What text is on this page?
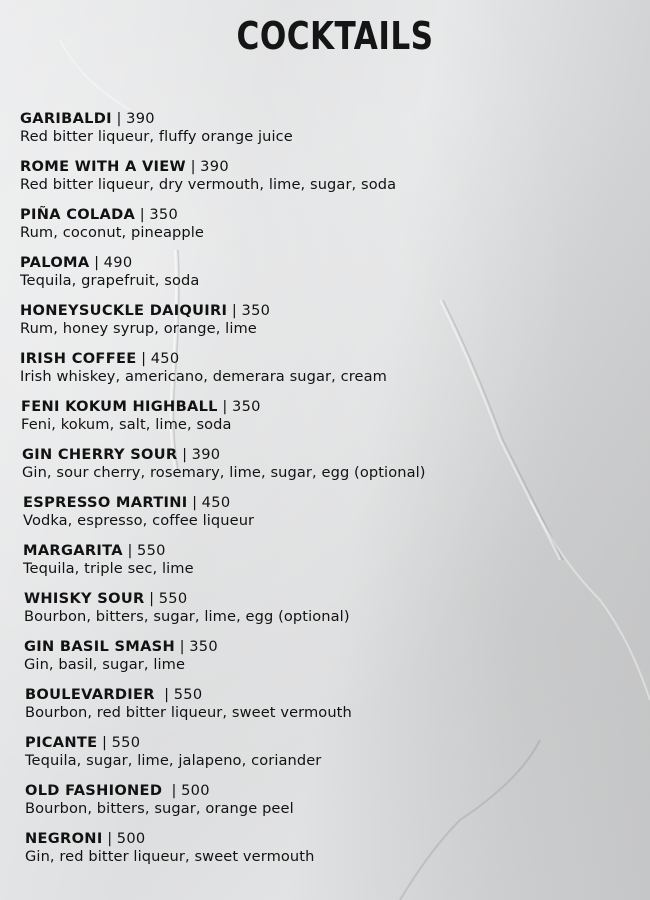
COCKTAILS
GARIBALDI | 390
Red bitter liqueur, fluffy orange juice
ROME WITH A VIEW | 390
Red bitter liqueur, dry vermouth, lime, sugar, soda
PIÑA COLADA | 350
Rum, coconut, pineapple
PALOMA | 490
Tequila, grapefruit, soda
HONEYSUCKLE DAIQUIRI | 350
Rum, honey syrup, orange, lime
IRISH COFFEE | 450
Irish whiskey, americano, demerara sugar, cream
FENI KOKUM HIGHBALL | 350
Feni, kokum, salt, lime, soda
GIN CHERRY SOUR | 390
Gin, sour cherry, rosemary, lime, sugar, egg (optional)
ESPRESSO MARTINI | 450
Vodka, espresso, coffee liqueur
MARGARITA | 550
Tequila, triple sec, lime
WHISKY SOUR | 550
Bourbon, bitters, sugar, lime, egg (optional)
GIN BASIL SMASH | 350
Gin, basil, sugar, lime
BOULEVARDIER  | 550
Bourbon, red bitter liqueur, sweet vermouth
PICANTE | 550
Tequila, sugar, lime, jalapeno, coriander
OLD FASHIONED  | 500
Bourbon, bitters, sugar, orange peel
NEGRONI | 500
Gin, red bitter liqueur, sweet vermouth
